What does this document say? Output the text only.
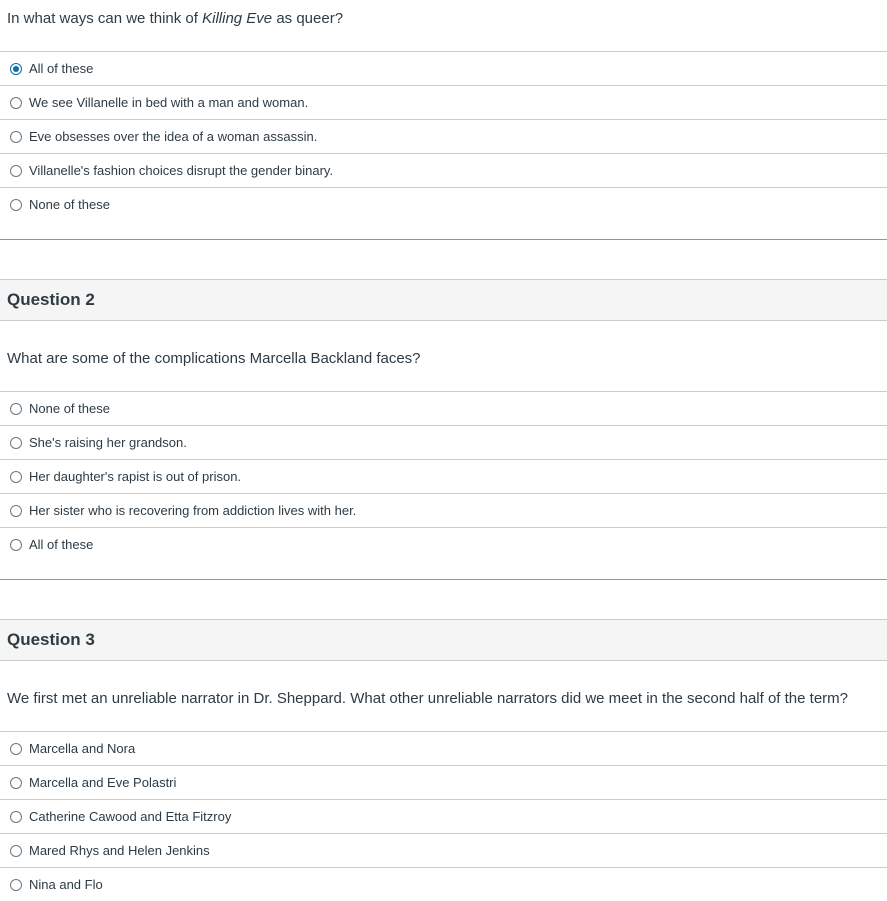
In what ways can we think of Killing Eve as queer?
All of these
We see Villanelle in bed with a man and woman.
Eve obsesses over the idea of a woman assassin.
Villanelle's fashion choices disrupt the gender binary.
None of these
Question 2
What are some of the complications Marcella Backland faces?
None of these
She's raising her grandson.
Her daughter's rapist is out of prison.
Her sister who is recovering from addiction lives with her.
All of these
Question 3
We first met an unreliable narrator in Dr. Sheppard. What other unreliable narrators did we meet in the second half of the term?
Marcella and Nora
Marcella and Eve Polastri
Catherine Cawood and Etta Fitzroy
Mared Rhys and Helen Jenkins
Nina and Flo
